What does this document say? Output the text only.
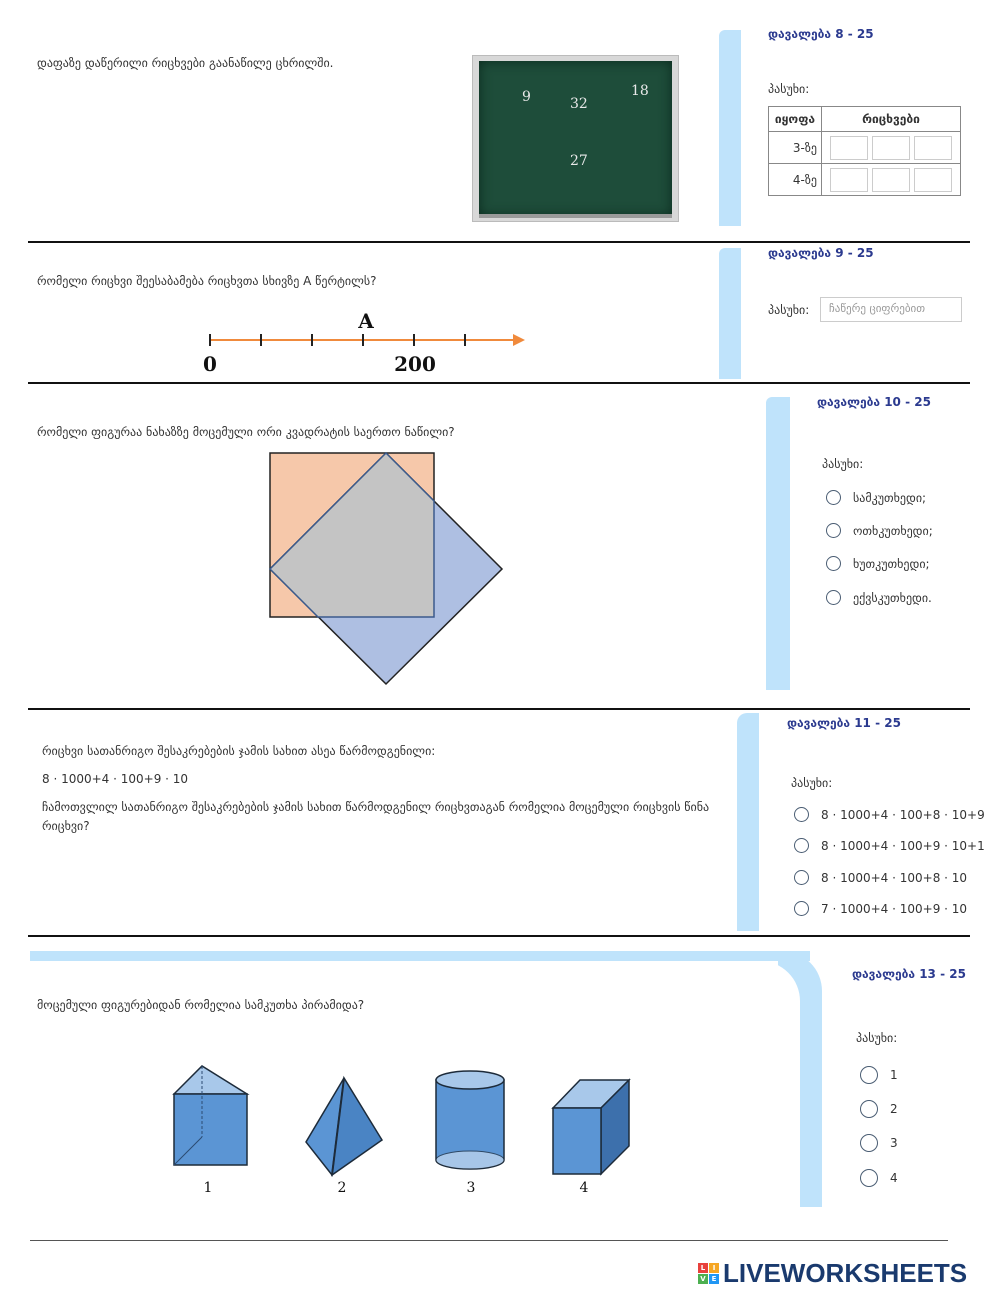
დაფაზე დაწერილი რიცხვები გაანაწილე ცხრილში.
9	32
18
27
დავალება 8 - 25
პასუხი:
იყოფა	რიცხვები
3-ზე	
4-ზე	
რომელი რიცხვი შეესაბამება რიცხვთა სხივზე A წერტილს?
A
0	200
დავალება 9 - 25
პასუხი:	ჩაწერე ციფრებით
რომელი ფიგურაა ნახაზზე მოცემული ორი კვადრატის საერთო ნაწილი?
დავალება 10 - 25
პასუხი:
სამკუთხედი;
ოთხკუთხედი;
ხუთკუთხედი;
ექვსკუთხედი.
რიცხვი სათანრიგო შესაკრებების ჯამის სახით ასეა წარმოდგენილი:
8 · 1000+4 · 100+9 · 10
ჩამოთვლილ სათანრიგო შესაკრებების ჯამის სახით წარმოდგენილ რიცხვთაგან რომელია მოცემული რიცხვის წინა რიცხვი?
დავალება 11 - 25
პასუხი:
8 · 1000+4 · 100+8 · 10+9
8 · 1000+4 · 100+9 · 10+1
8 · 1000+4 · 100+8 · 10
7 · 1000+4 · 100+9 · 10
მოცემული ფიგურებიდან რომელია სამკუთხა პირამიდა?
1	2	3	4
დავალება 13 - 25
პასუხი:
1
2
3
4
L	I
V E LIVEWORKSHEETS
